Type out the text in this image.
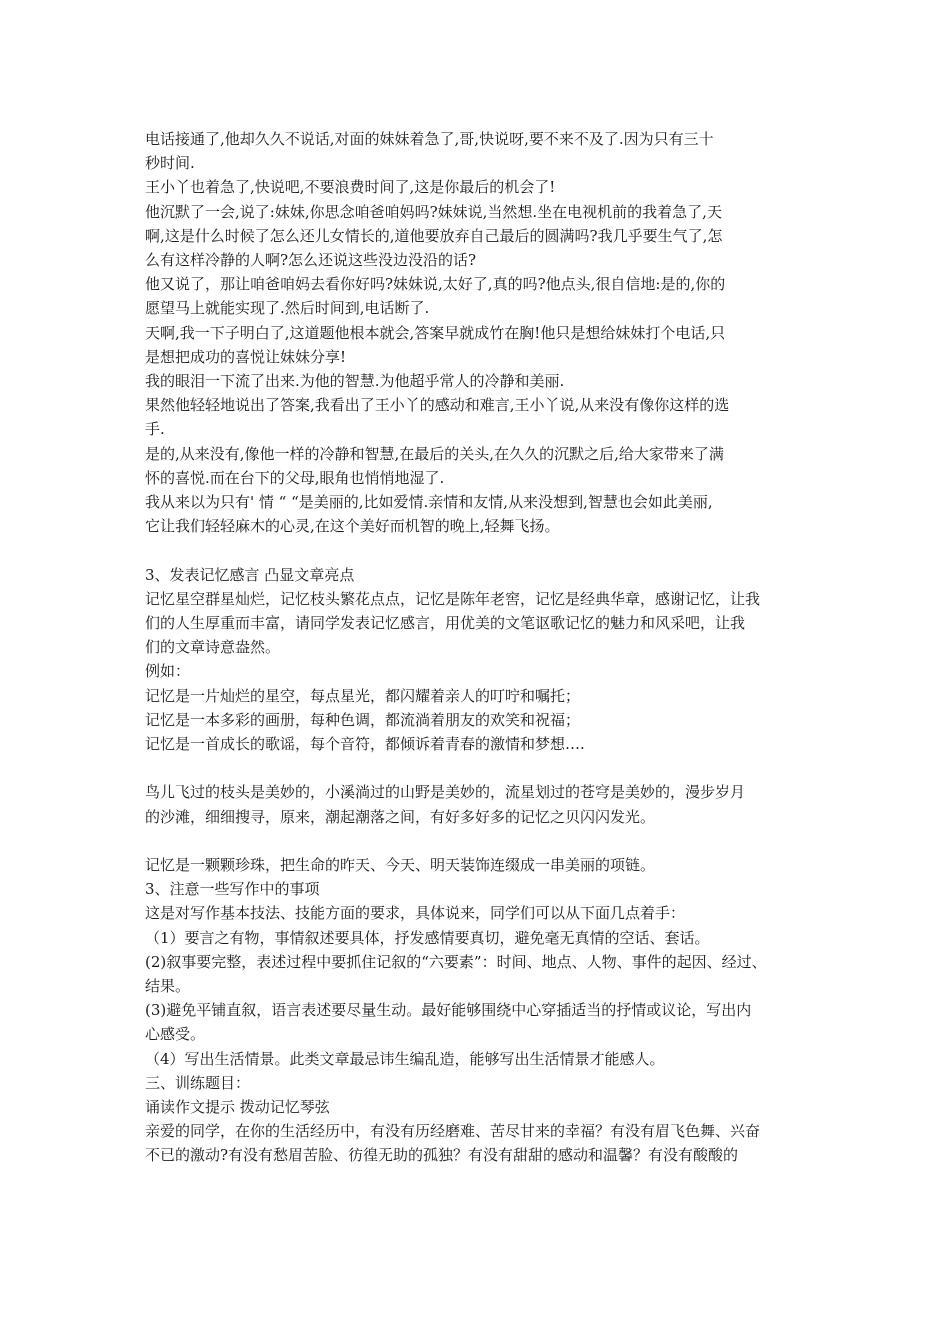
电话接通了,他却久久不说话,对面的妹妹着急了,哥,快说呀,要不来不及了.因为只有三十

秒时间.

王小丫也着急了,快说吧,不要浪费时间了,这是你最后的机会了!

他沉默了一会,说了:妹妹,你思念咱爸咱妈吗?妹妹说,当然想.坐在电视机前的我着急了,天

啊,这是什么时候了怎么还儿女情长的,道他要放弃自己最后的圆满吗?我几乎要生气了,怎

么有这样冷静的人啊?怎么还说这些没边没沿的话?

他又说了，那让咱爸咱妈去看你好吗?妹妹说,太好了,真的吗?他点头,很自信地:是的,你的

愿望马上就能实现了.然后时间到,电话断了.

天啊,我一下子明白了,这道题他根本就会,答案早就成竹在胸!他只是想给妹妹打个电话,只

是想把成功的喜悦让妹妹分享!

我的眼泪一下流了出来.为他的智慧.为他超乎常人的冷静和美丽.

果然他轻轻地说出了答案,我看出了王小丫的感动和难言,王小丫说,从来没有像你这样的选

手.

是的,从来没有,像他一样的冷静和智慧,在最后的关头,在久久的沉默之后,给大家带来了满

怀的喜悦.而在台下的父母,眼角也悄悄地湿了.

我从来以为只有' 情 “ “是美丽的,比如爱情.亲情和友情,从来没想到,智慧也会如此美丽,

它让我们轻轻麻木的心灵,在这个美好而机智的晚上,轻舞飞扬。

3、发表记忆感言 凸显文章亮点

记忆星空群星灿烂，记忆枝头繁花点点，记忆是陈年老窖，记忆是经典华章，感谢记忆，让我

们的人生厚重而丰富，请同学发表记忆感言，用优美的文笔讴歌记忆的魅力和风采吧，让我

们的文章诗意盎然。

例如：

记忆是一片灿烂的星空，每点星光，都闪耀着亲人的叮咛和嘱托；

记忆是一本多彩的画册，每种色调，都流淌着朋友的欢笑和祝福；

记忆是一首成长的歌谣，每个音符，都倾诉着青春的激情和梦想….

鸟儿飞过的枝头是美妙的，小溪淌过的山野是美妙的，流星划过的苍穹是美妙的，漫步岁月

的沙滩，细细搜寻，原来，潮起潮落之间，有好多好多的记忆之贝闪闪发光。

记忆是一颗颗珍珠，把生命的昨天、今天、明天装饰连缀成一串美丽的项链。

3、注意一些写作中的事项

这是对写作基本技法、技能方面的要求，具体说来，同学们可以从下面几点着手：

（1）要言之有物，事情叙述要具体，抒发感情要真切，避免毫无真情的空话、套话。

(2)叙事要完整，表述过程中要抓住记叙的“六要素”：时间、地点、人物、事件的起因、经过、

结果。

(3)避免平铺直叙，语言表述要尽量生动。最好能够围绕中心穿插适当的抒情或议论，写出内

心感受。

（4）写出生活情景。此类文章最忌讳生编乱造，能够写出生活情景才能感人。

三、训练题目：

诵读作文提示 拨动记忆琴弦

亲爱的同学，在你的生活经历中，有没有历经磨难、苦尽甘来的幸福？有没有眉飞色舞、兴奋

不已的激动?有没有愁眉苦脸、彷徨无助的孤独？有没有甜甜的感动和温馨？有没有酸酸的
